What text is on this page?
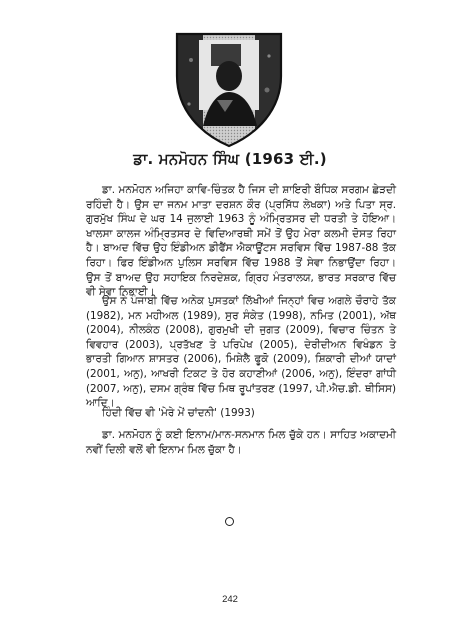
ਡਾ. ਮਨਮੋਹਨ ਸਿੰਘ (1963 ਈ.)

ਡਾ. ਮਨਮੋਹਨ ਅਜਿਹਾ ਕਾਵਿ-ਚਿੰਤਕ ਹੈ ਜਿਸ ਦੀ ਸ਼ਾਇਰੀ ਬੌਧਿਕ ਸਰਗਮ ਛੇੜਦੀ ਰਹਿੰਦੀ ਹੈ। ਉਸ ਦਾ ਜਨਮ ਮਾਤਾ ਦਰਸ਼ਨ ਕੌਰ (ਪ੍ਰਸਿੱਧ ਲੇਖਕਾ) ਅਤੇ ਪਿਤਾ ਸ੍ਰ. ਗੁਰਮੁੱਖ ਸਿੰਘ ਦੇ ਘਰ 14 ਜੁਲਾਈ 1963 ਨੂੰ ਅੰਮ੍ਰਿਤਸਰ ਦੀ ਧਰਤੀ ਤੇ ਹੋਇਆ। ਖਾਲਸਾ ਕਾਲਜ ਅੰਮ੍ਰਿਤਸਰ ਦੇ ਵਿਦਿਆਰਥੀ ਸਮੇਂ ਤੋਂ ਉਹ ਮੇਰਾ ਕਲਮੀ ਦੋਸਤ ਰਿਹਾ ਹੈ। ਬਾਅਦ ਵਿੱਚ ਉਹ ਇੰਡੀਅਨ ਡੀਫੈਂਸ ਐਕਾਊਂਟਸ ਸਰਵਿਸ ਵਿੱਚ 1987-88 ਤੱਕ ਰਿਹਾ। ਫਿਰ ਇੰਡੀਅਨ ਪੁਲਿਸ ਸਰਵਿਸ ਵਿੱਚ 1988 ਤੋਂ ਸੇਵਾ ਨਿਭਾਉਂਦਾ ਰਿਹਾ। ਉਸ ਤੋਂ ਬਾਅਦ ਉਹ ਸਹਾਇਕ ਨਿਰਦੇਸ਼ਕ, ਗ੍ਰਿਹ ਮੰਤਰਾਲਯ, ਭਾਰਤ ਸਰਕਾਰ ਵਿੱਚ ਵੀ ਸੇਵਾ ਨਿਭਾਈ।

ਉਸ ਨੇ ਪੰਜਾਬੀ ਵਿੱਚ ਅਨੇਕ ਪੁਸਤਕਾਂ ਲਿੱਖੀਆਂ ਜਿਨ੍ਹਾਂ ਵਿਚ ਅਗਲੇ ਚੌਰਾਹੇ ਤੱਕ (1982), ਮਨ ਮਹੀਅਲ (1989), ਸੁਰ ਸੰਕੇਤ (1998), ਨਮਿਤ (2001), ਅੱਥ (2004), ਨੀਲਕੰਠ (2008), ਗੁਰਮੁਖੀ ਦੀ ਜੁਗਤ (2009), ਵਿਚਾਰ ਚਿੰਤਨ ਤੇ ਵਿਵਹਾਰ (2003), ਪ੍ਰਤੱਖਣ ਤੇ ਪਰਿਪੇਖ (2005), ਦੇਰੀਦੀਅਨ ਵਿਖੰਡਨ ਤੇ ਭਾਰਤੀ ਗਿਆਨ ਸ਼ਾਸਤਰ (2006), ਮਿਸ਼ੇਲੈ ਫੂਕੋ (2009), ਸ਼ਿਕਾਰੀ ਦੀਆਂ ਯਾਦਾਂ (2001, ਅਨੁ), ਆਖਰੀ ਟਿਕਟ ਤੇ ਹੋਰ ਕਹਾਣੀਆਂ (2006, ਅਨੁ), ਇੰਦਰਾ ਗਾਂਧੀ (2007, ਅਨੁ), ਦਸਮ ਗ੍ਰੰਥ ਵਿੱਚ ਮਿਥ ਰੂਪਾਂਤਰਣ (1997, ਪੀ.ਐਚ.ਡੀ. ਥੀਸਿਸ) ਆਦਿ।

ਹਿੰਦੀ ਵਿੱਚ ਵੀ 'ਮੇਰੇ ਮੇਂ ਚਾਂਦਨੀ' (1993)

ਡਾ. ਮਨਮੋਹਨ ਨੂੰ ਕਈ ਇਨਾਮ/ਮਾਨ-ਸਨਮਾਨ ਮਿਲ ਚੁੱਕੇ ਹਨ। ਸਾਹਿਤ ਅਕਾਦਮੀ ਨਵੀਂ ਦਿਲੀ ਵਲੋਂ ਵੀ ਇਨਾਮ ਮਿਲ ਚੁੱਕਾ ਹੈ।

242
